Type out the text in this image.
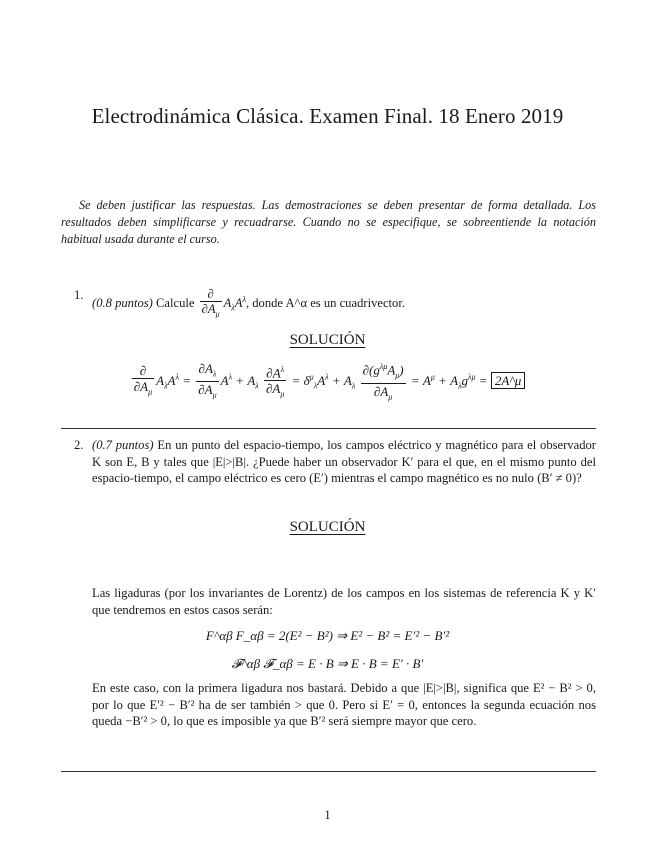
Electrodinámica Clásica. Examen Final. 18 Enero 2019
Se deben justificar las respuestas. Las demostraciones se deben presentar de forma detallada. Los resultados deben simplificarse y recuadrarse. Cuando no se especifique, se sobreentiende la notación habitual usada durante el curso.
1.
(0.8 puntos) Calcule $\frac{\partial}{\partial A_\mu} A_\lambda A^\lambda$, donde A^α es un cuadrivector.
SOLUCIÓN
$\frac{\partial}{\partial A_\mu} A_\lambda A^\lambda = \frac{\partial A_\lambda}{\partial A_\mu} A^\lambda + A_\lambda \frac{\partial A^\lambda}{\partial A_\mu} = \delta^\mu_\lambda A^\lambda + A_\lambda \frac{\partial(g^{\lambda\mu}A_\mu)}{\partial A_\mu} = A^\mu + A_\lambda g^{\lambda\mu}$ = 2A^μ
2. (0.7 puntos) En un punto del espacio-tiempo, los campos eléctrico y magnético para el observador K son E, B y tales que |E|>|B|. ¿Puede haber un observador K′ para el que, en el mismo punto del espacio-tiempo, el campo eléctrico es cero (E′) mientras el campo magnético es no nulo (B′ ≠ 0)?
SOLUCIÓN
Las ligaduras (por los invariantes de Lorentz) de los campos en los sistemas de referencia K y K′ que tendremos en estos casos serán:
F^αβ F_αβ = 2(E² − B²) ⇒ E² − B² = E′² − B′²
𝓕^αβ 𝓕_αβ = E · B ⇒ E · B = E′ · B′
En este caso, con la primera ligadura nos bastará. Debido a que |E|>|B|, significa que E² − B² > 0, por lo que E′² − B′² ha de ser también > que 0. Pero si E′ = 0, entonces la segunda ecuación nos queda −B′² > 0, lo que es imposible ya que B′² será siempre mayor que cero.
1
